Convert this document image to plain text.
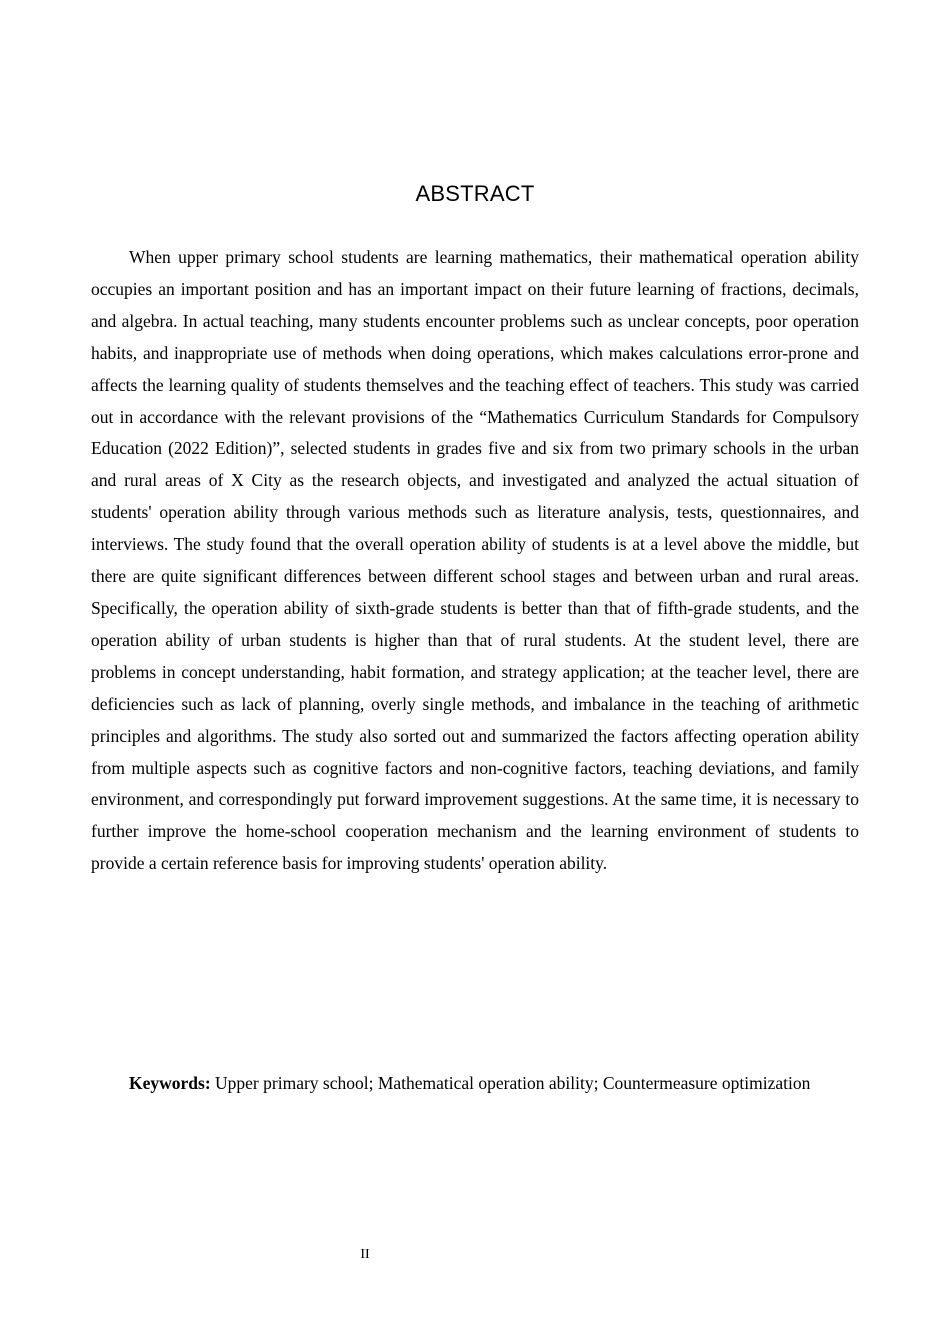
ABSTRACT

When upper primary school students are learning mathematics, their mathematical operation ability occupies an important position and has an important impact on their future learning of fractions, decimals, and algebra. In actual teaching, many students encounter problems such as unclear concepts, poor operation habits, and inappropriate use of methods when doing operations, which makes calculations error-prone and affects the learning quality of students themselves and the teaching effect of teachers. This study was carried out in accordance with the relevant provisions of the “Mathematics Curriculum Standards for Compulsory Education (2022 Edition)”, selected students in grades five and six from two primary schools in the urban and rural areas of X City as the research objects, and investigated and analyzed the actual situation of students' operation ability through various methods such as literature analysis, tests, questionnaires, and interviews. The study found that the overall operation ability of students is at a level above the middle, but there are quite significant differences between different school stages and between urban and rural areas. Specifically, the operation ability of sixth-grade students is better than that of fifth-grade students, and the operation ability of urban students is higher than that of rural students. At the student level, there are problems in concept understanding, habit formation, and strategy application; at the teacher level, there are deficiencies such as lack of planning, overly single methods, and imbalance in the teaching of arithmetic principles and algorithms. The study also sorted out and summarized the factors affecting operation ability from multiple aspects such as cognitive factors and non-cognitive factors, teaching deviations, and family environment, and correspondingly put forward improvement suggestions. At the same time, it is necessary to further improve the home-school cooperation mechanism and the learning environment of students to provide a certain reference basis for improving students' operation ability.

Keywords: Upper primary school; Mathematical operation ability; Countermeasure optimization

II
